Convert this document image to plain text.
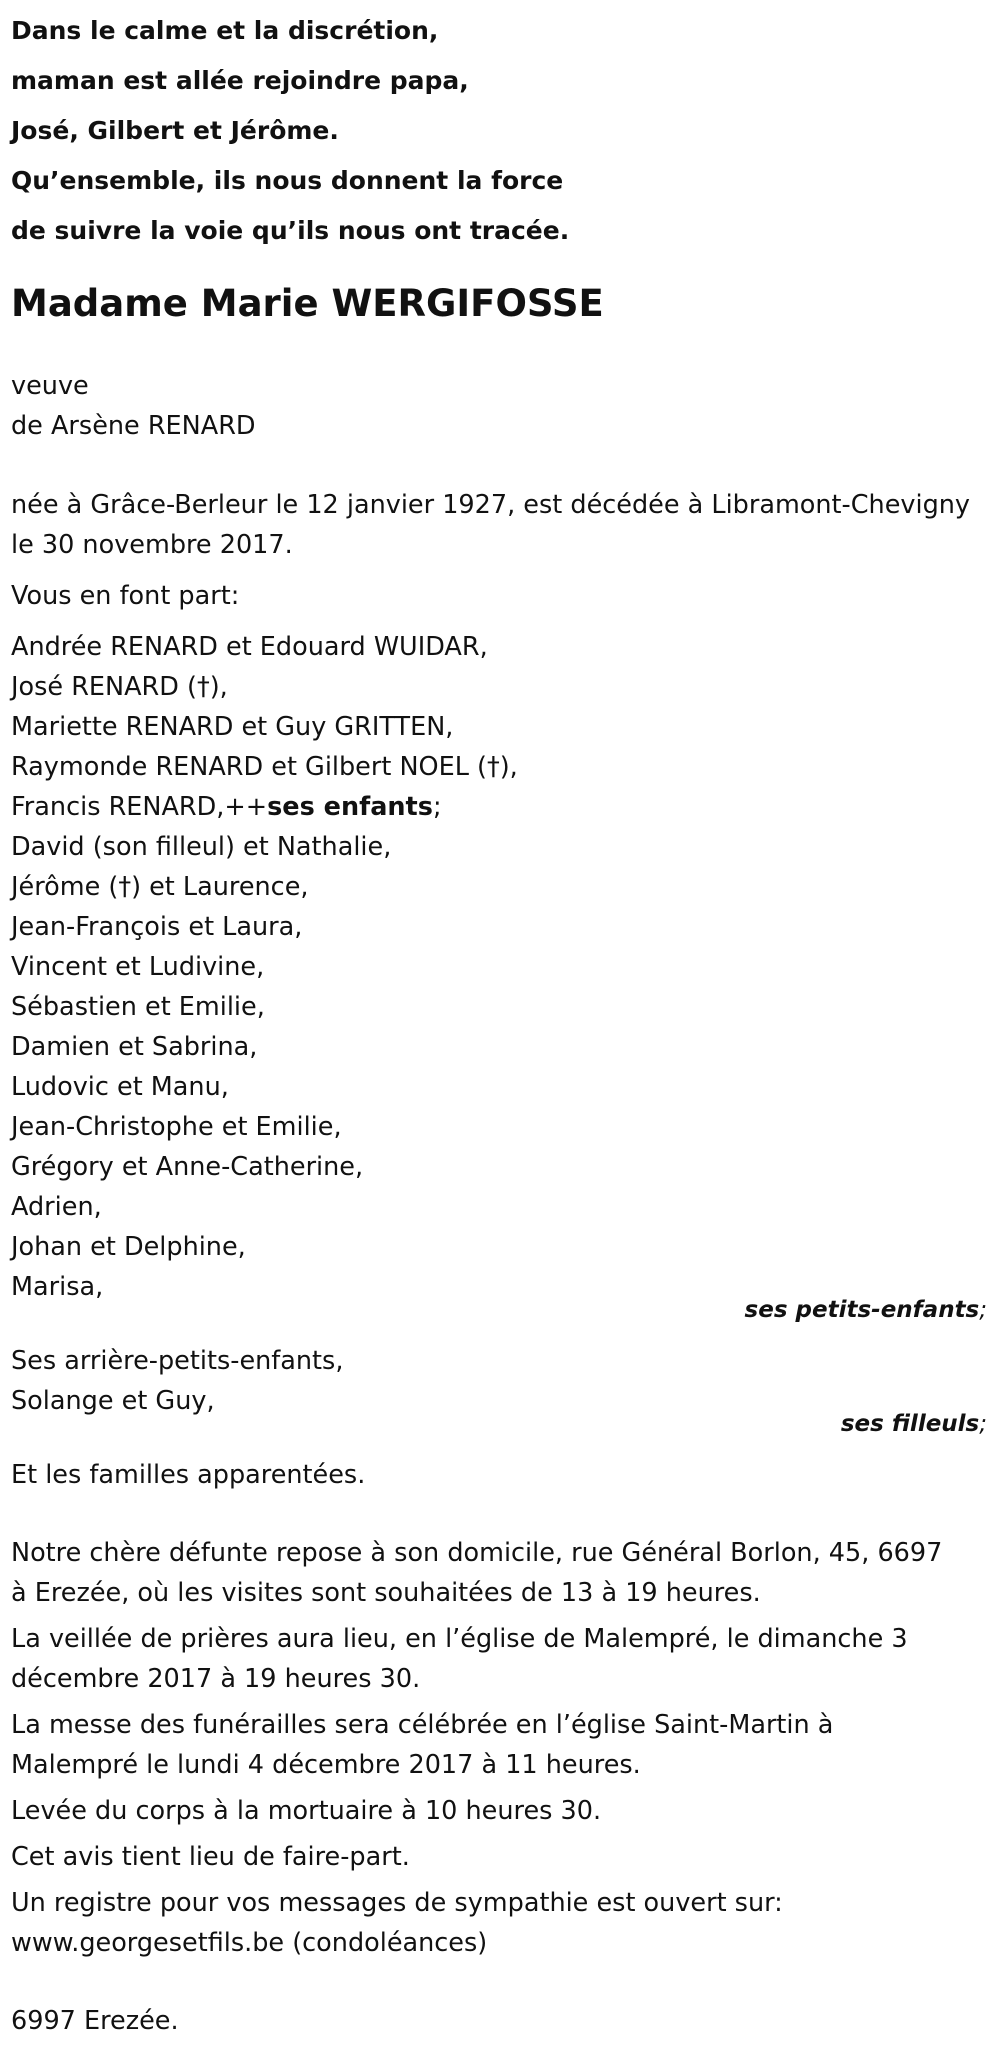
Dans le calme et la discrétion,
maman est allée rejoindre papa,
José, Gilbert et Jérôme.
Qu’ensemble, ils nous donnent la force
de suivre la voie qu’ils nous ont tracée.
Madame Marie WERGIFOSSE
veuve
de Arsène RENARD
née à Grâce-Berleur le 12 janvier 1927, est décédée à Libramont-Chevigny
le 30 novembre 2017.
Vous en font part:
Andrée RENARD et Edouard WUIDAR,
José RENARD (†),
Mariette RENARD et Guy GRITTEN,
Raymonde RENARD et Gilbert NOEL (†),
Francis RENARD,++ses enfants;
David (son filleul) et Nathalie,
Jérôme (†) et Laurence,
Jean-François et Laura,
Vincent et Ludivine,
Sébastien et Emilie,
Damien et Sabrina,
Ludovic et Manu,
Jean-Christophe et Emilie,
Grégory et Anne-Catherine,
Adrien,
Johan et Delphine,
Marisa,
ses petits-enfants;
Ses arrière-petits-enfants,
Solange et Guy,
ses filleuls;
Et les familles apparentées.
Notre chère défunte repose à son domicile, rue Général Borlon, 45, 6697
à Erezée, où les visites sont souhaitées de 13 à 19 heures.
La veillée de prières aura lieu, en l’église de Malempré, le dimanche 3
décembre 2017 à 19 heures 30.
La messe des funérailles sera célébrée en l’église Saint-Martin à
Malempré le lundi 4 décembre 2017 à 11 heures.
Levée du corps à la mortuaire à 10 heures 30.
Cet avis tient lieu de faire-part.
Un registre pour vos messages de sympathie est ouvert sur:
www.georgesetfils.be (condoléances)
6997 Erezée.
